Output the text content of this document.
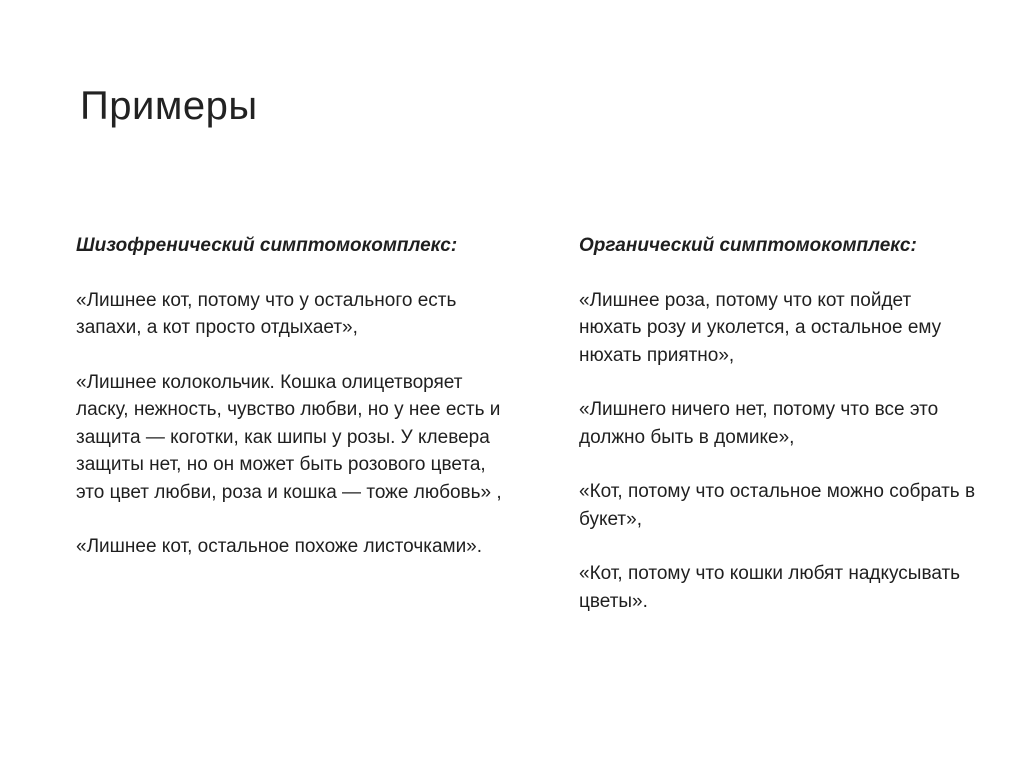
Примеры

Шизофренический симптомокомплекс:

«Лишнее кот, потому что у остального есть запахи, а кот просто отдыхает»,

«Лишнее колокольчик. Кошка олицетворяет ласку, нежность, чувство любви, но у нее есть и защита — коготки, как шипы у розы. У клевера защиты нет, но он может быть розового цвета, это цвет любви, роза и кошка — тоже любовь» ,

«Лишнее кот, остальное похоже листочками».

Органический симптомокомплекс:

«Лишнее роза, потому что кот пойдет нюхать розу и уколется, а остальное ему нюхать приятно»,

«Лишнего ничего нет, потому что все это должно быть в домике»,

«Кот, потому что остальное можно собрать в букет»,

«Кот, потому что кошки любят надкусывать цветы».
